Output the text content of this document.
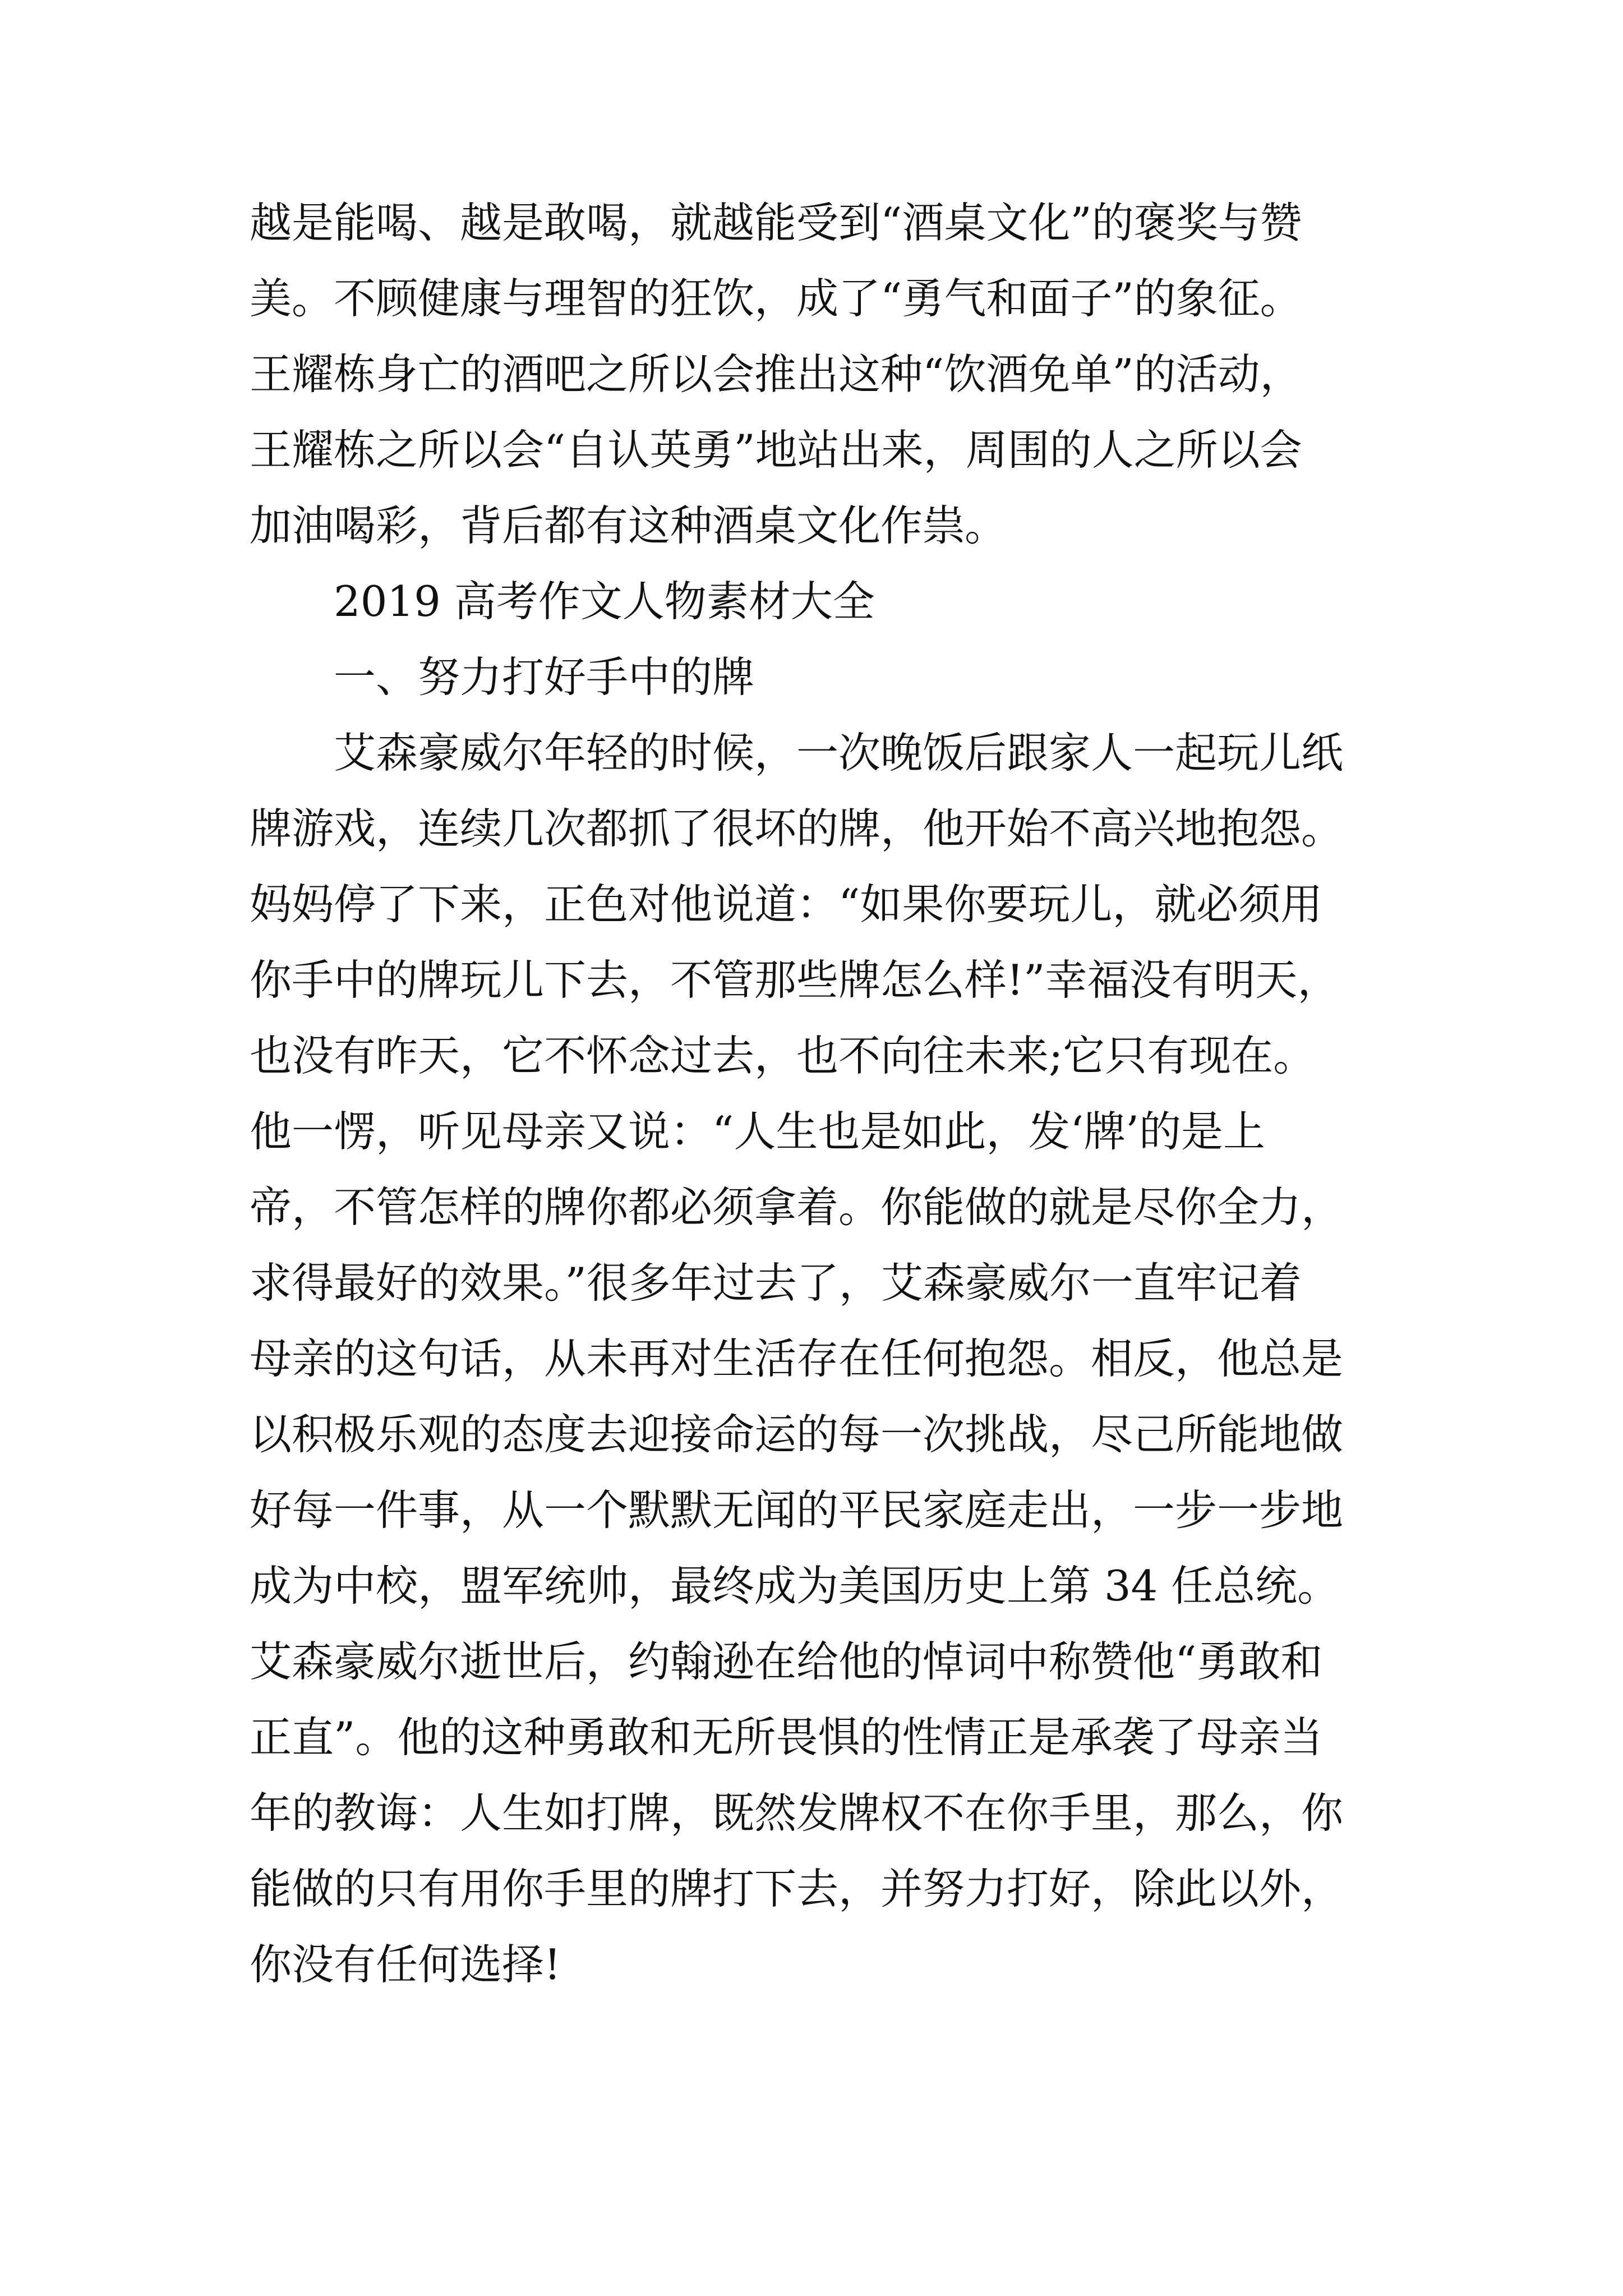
越是能喝、越是敢喝，就越能受到“酒桌文化”的褒奖与赞
美。不顾健康与理智的狂饮，成了“勇气和面子”的象征。
王耀栋身亡的酒吧之所以会推出这种“饮酒免单”的活动，
王耀栋之所以会“自认英勇”地站出来，周围的人之所以会
加油喝彩，背后都有这种酒桌文化作祟。
2019 高考作文人物素材大全
一、努力打好手中的牌
艾森豪威尔年轻的时候，一次晚饭后跟家人一起玩儿纸
牌游戏，连续几次都抓了很坏的牌，他开始不高兴地抱怨。
妈妈停了下来，正色对他说道：“如果你要玩儿，就必须用
你手中的牌玩儿下去，不管那些牌怎么样!”幸福没有明天，
也没有昨天，它不怀念过去，也不向往未来;它只有现在。
他一愣，听见母亲又说：“人生也是如此，发‘牌’的是上
帝，不管怎样的牌你都必须拿着。你能做的就是尽你全力，
求得最好的效果。”很多年过去了，艾森豪威尔一直牢记着
母亲的这句话，从未再对生活存在任何抱怨。相反，他总是
以积极乐观的态度去迎接命运的每一次挑战，尽己所能地做
好每一件事，从一个默默无闻的平民家庭走出，一步一步地
成为中校，盟军统帅，最终成为美国历史上第 34 任总统。
艾森豪威尔逝世后，约翰逊在给他的悼词中称赞他“勇敢和
正直”。他的这种勇敢和无所畏惧的性情正是承袭了母亲当
年的教诲：人生如打牌，既然发牌权不在你手里，那么，你
能做的只有用你手里的牌打下去，并努力打好，除此以外，
你没有任何选择!
